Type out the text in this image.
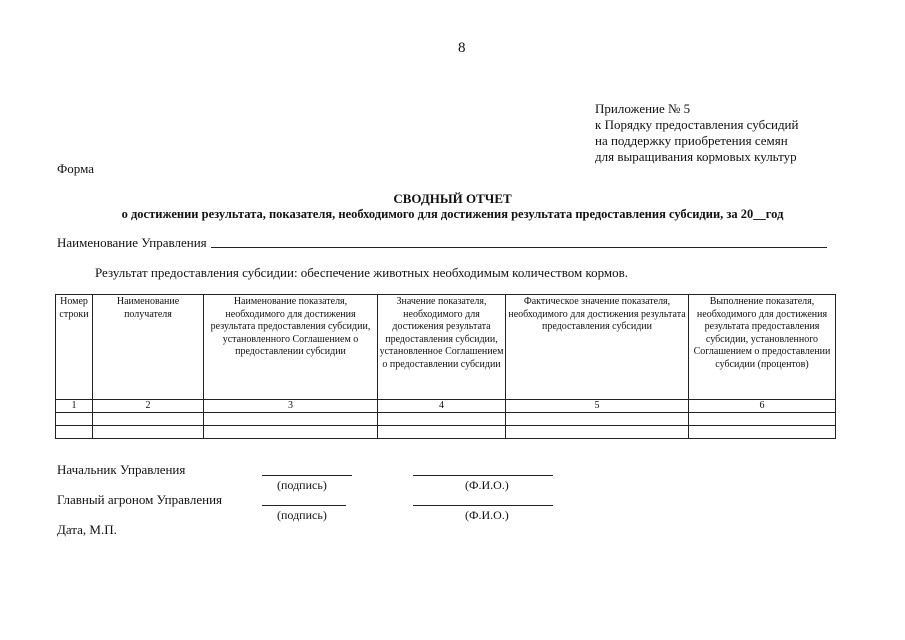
8
Приложение № 5
к Порядку предоставления субсидий
на поддержку приобретения семян
для выращивания кормовых культур
Форма
СВОДНЫЙ ОТЧЕТ
о достижении результата, показателя, необходимого для достижения результата предоставления субсидии, за 20__год
Наименование Управления
Результат предоставления субсидии: обеспечение животных необходимым количеством кормов.
Номер строки	Наименование получателя	Наименование показателя, необходимого для достижения результата предоставления субсидии, установленного Соглашением о предоставлении субсидии	Значение показателя, необходимого для достижения результата предоставления субсидии, установленное Соглашением о предоставлении субсидии	Фактическое значение показателя, необходимого для достижения результата предоставления субсидии	Выполнение показателя, необходимого для достижения результата предоставления субсидии, установленного Соглашением о предоставлении субсидии (процентов)
1	2	3	4	5	6

Начальник Управления
(подпись)	(Ф.И.О.)
Главный агроном Управления
(подпись)	(Ф.И.О.)
Дата, М.П.
